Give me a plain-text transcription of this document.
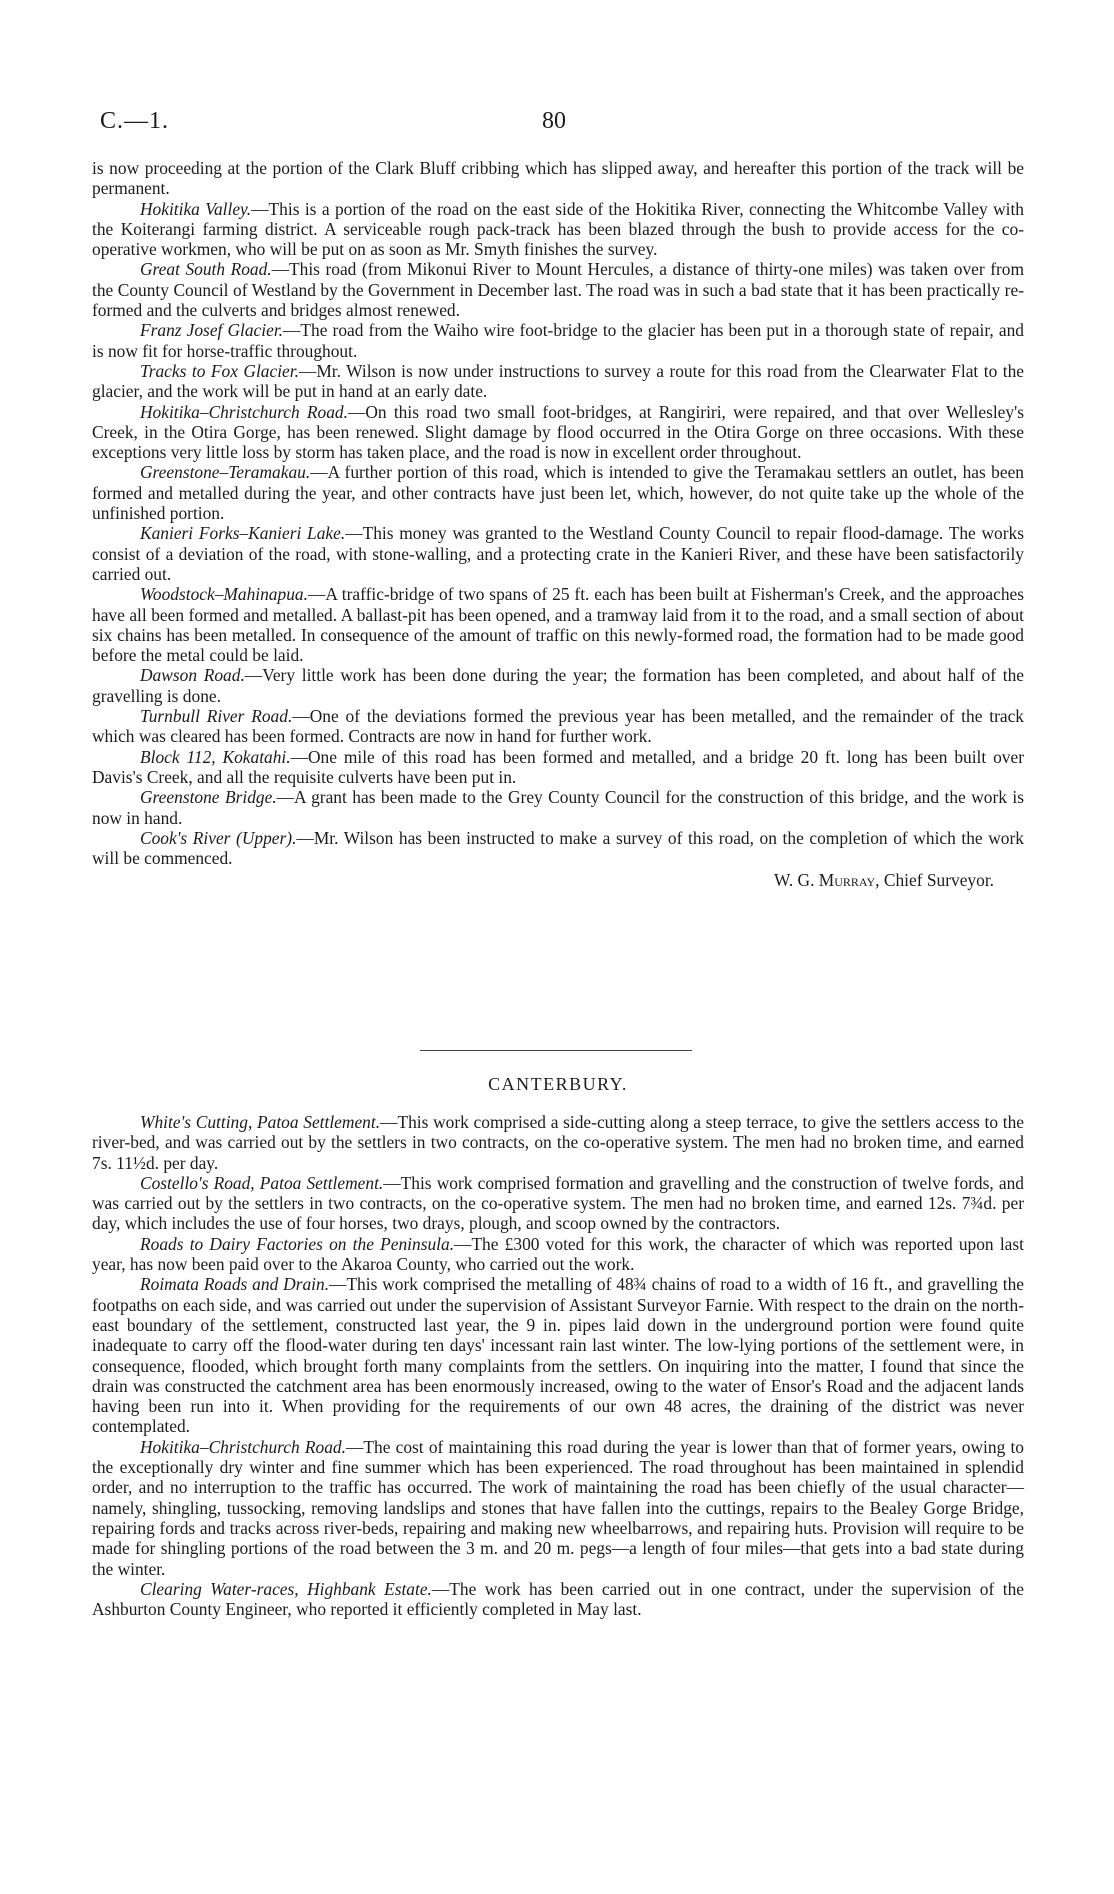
C.—1.	80

is now proceeding at the portion of the Clark Bluff cribbing which has slipped away, and hereafter this portion of the track will be permanent.

Hokitika Valley.—This is a portion of the road on the east side of the Hokitika River, connecting the Whitcombe Valley with the Koiterangi farming district. A serviceable rough pack-track has been blazed through the bush to provide access for the co-operative workmen, who will be put on as soon as Mr. Smyth finishes the survey.

Great South Road.—This road (from Mikonui River to Mount Hercules, a distance of thirty-one miles) was taken over from the County Council of Westland by the Government in December last. The road was in such a bad state that it has been practically re-formed and the culverts and bridges almost renewed.

Franz Josef Glacier.—The road from the Waiho wire foot-bridge to the glacier has been put in a thorough state of repair, and is now fit for horse-traffic throughout.

Tracks to Fox Glacier.—Mr. Wilson is now under instructions to survey a route for this road from the Clearwater Flat to the glacier, and the work will be put in hand at an early date.

Hokitika–Christchurch Road.—On this road two small foot-bridges, at Rangiriri, were repaired, and that over Wellesley's Creek, in the Otira Gorge, has been renewed. Slight damage by flood occurred in the Otira Gorge on three occasions. With these exceptions very little loss by storm has taken place, and the road is now in excellent order throughout.

Greenstone–Teramakau.—A further portion of this road, which is intended to give the Teramakau settlers an outlet, has been formed and metalled during the year, and other contracts have just been let, which, however, do not quite take up the whole of the unfinished portion.

Kanieri Forks–Kanieri Lake.—This money was granted to the Westland County Council to repair flood-damage. The works consist of a deviation of the road, with stone-walling, and a protecting crate in the Kanieri River, and these have been satisfactorily carried out.

Woodstock–Mahinapua.—A traffic-bridge of two spans of 25 ft. each has been built at Fisherman's Creek, and the approaches have all been formed and metalled. A ballast-pit has been opened, and a tramway laid from it to the road, and a small section of about six chains has been metalled. In consequence of the amount of traffic on this newly-formed road, the formation had to be made good before the metal could be laid.

Dawson Road.—Very little work has been done during the year; the formation has been completed, and about half of the gravelling is done.

Turnbull River Road.—One of the deviations formed the previous year has been metalled, and the remainder of the track which was cleared has been formed. Contracts are now in hand for further work.

Block 112, Kokatahi.—One mile of this road has been formed and metalled, and a bridge 20 ft. long has been built over Davis's Creek, and all the requisite culverts have been put in.

Greenstone Bridge.—A grant has been made to the Grey County Council for the construction of this bridge, and the work is now in hand.

Cook's River (Upper).—Mr. Wilson has been instructed to make a survey of this road, on the completion of which the work will be commenced.

W. G. Murray, Chief Surveyor.

CANTERBURY.

White's Cutting, Patoa Settlement.—This work comprised a side-cutting along a steep terrace, to give the settlers access to the river-bed, and was carried out by the settlers in two contracts, on the co-operative system. The men had no broken time, and earned 7s. 11½d. per day.

Costello's Road, Patoa Settlement.—This work comprised formation and gravelling and the construction of twelve fords, and was carried out by the settlers in two contracts, on the co-operative system. The men had no broken time, and earned 12s. 7¾d. per day, which includes the use of four horses, two drays, plough, and scoop owned by the contractors.

Roads to Dairy Factories on the Peninsula.—The £300 voted for this work, the character of which was reported upon last year, has now been paid over to the Akaroa County, who carried out the work.

Roimata Roads and Drain.—This work comprised the metalling of 48¾ chains of road to a width of 16 ft., and gravelling the footpaths on each side, and was carried out under the supervision of Assistant Surveyor Farnie. With respect to the drain on the north-east boundary of the settlement, constructed last year, the 9 in. pipes laid down in the underground portion were found quite inadequate to carry off the flood-water during ten days' incessant rain last winter. The low-lying portions of the settlement were, in consequence, flooded, which brought forth many complaints from the settlers. On inquiring into the matter, I found that since the drain was constructed the catchment area has been enormously increased, owing to the water of Ensor's Road and the adjacent lands having been run into it. When providing for the requirements of our own 48 acres, the draining of the district was never contemplated.

Hokitika–Christchurch Road.—The cost of maintaining this road during the year is lower than that of former years, owing to the exceptionally dry winter and fine summer which has been experienced. The road throughout has been maintained in splendid order, and no interruption to the traffic has occurred. The work of maintaining the road has been chiefly of the usual character—namely, shingling, tussocking, removing landslips and stones that have fallen into the cuttings, repairs to the Bealey Gorge Bridge, repairing fords and tracks across river-beds, repairing and making new wheelbarrows, and repairing huts. Provision will require to be made for shingling portions of the road between the 3 m. and 20 m. pegs—a length of four miles—that gets into a bad state during the winter.

Clearing Water-races, Highbank Estate.—The work has been carried out in one contract, under the supervision of the Ashburton County Engineer, who reported it efficiently completed in May last.
